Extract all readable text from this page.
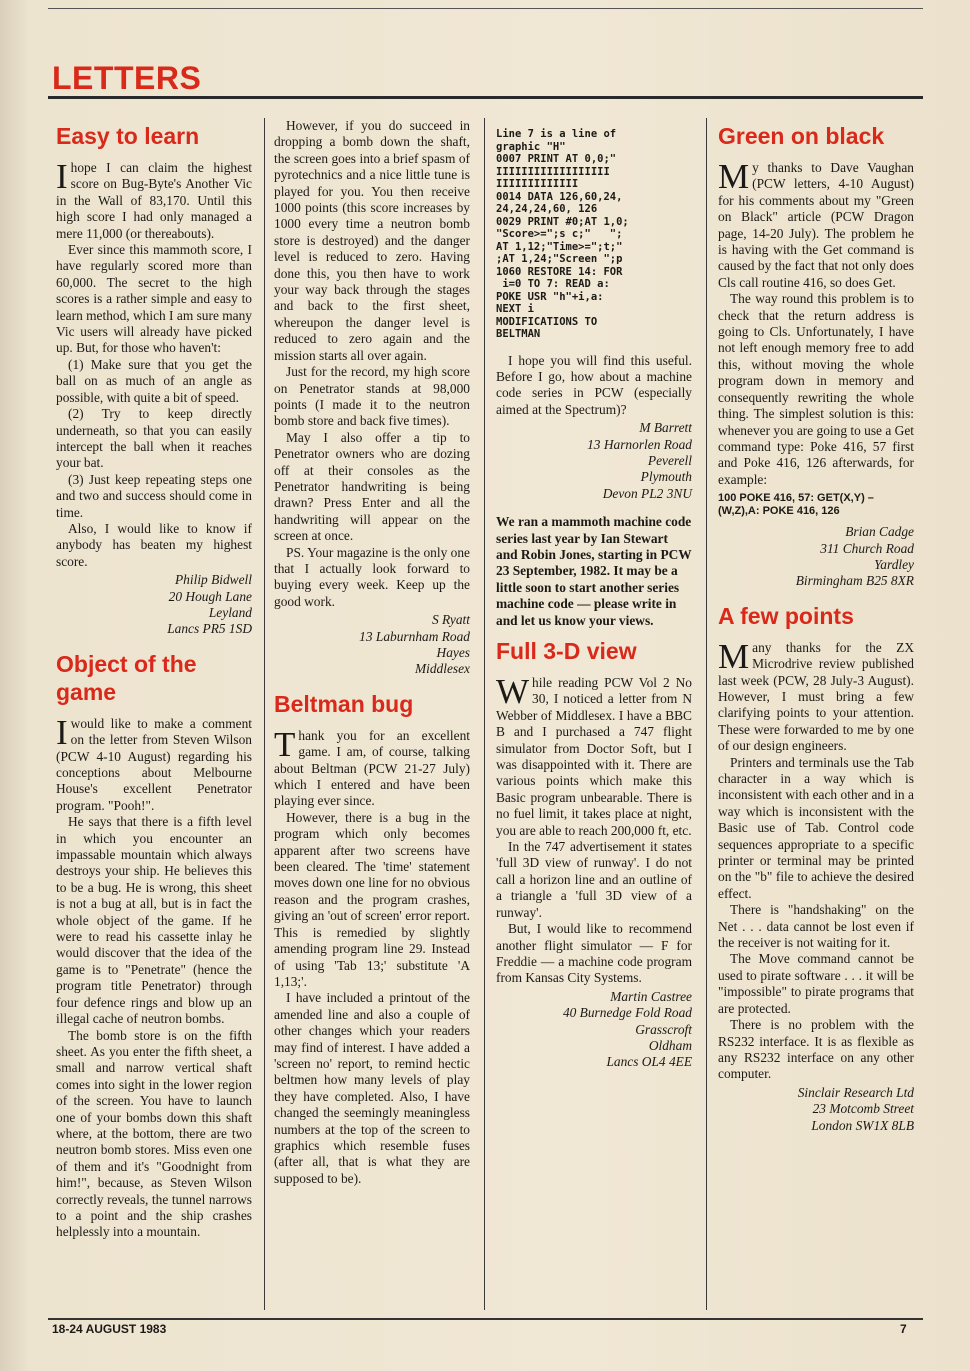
LETTERS
Easy to learn

I hope I can claim the highest score on Bug-Byte's Another Vic in the Wall of 83,170. Until this high score I had only managed a mere 11,000 (or thereabouts).

Ever since this mammoth score, I have regularly scored more than 60,000. The secret to the high scores is a rather simple and easy to learn method, which I am sure many Vic users will already have picked up. But, for those who haven't:

(1) Make sure that you get the ball on as much of an angle as possible, with quite a bit of speed.

(2) Try to keep directly underneath, so that you can easily intercept the ball when it reaches your bat.

(3) Just keep repeating steps one and two and success should come in time.

Also, I would like to know if anybody has beaten my highest score.

Philip Bidwell
20 Hough Lane
Leyland
Lancs PR5 1SD
Object of the game

I would like to make a comment on the letter from Steven Wilson (PCW 4-10 August) regarding his conceptions about Melbourne House's excellent Penetrator program. "Pooh!".

He says that there is a fifth level in which you encounter an impassable mountain which always destroys your ship. He believes this to be a bug. He is wrong, this sheet is not a bug at all, but is in fact the whole object of the game. If he were to read his cassette inlay he would discover that the idea of the game is to "Penetrate" (hence the program title Penetrator) through four defence rings and blow up an illegal cache of neutron bombs.

The bomb store is on the fifth sheet. As you enter the fifth sheet, a small and narrow vertical shaft comes into sight in the lower region of the screen. You have to launch one of your bombs down this shaft where, at the bottom, there are two neutron bomb stores. Miss even one of them and it's "Goodnight from him!", because, as Steven Wilson correctly reveals, the tunnel narrows to a point and the ship crashes helplessly into a mountain.

However, if you do succeed in dropping a bomb down the shaft, the screen goes into a brief spasm of pyrotechnics and a nice little tune is played for you. You then receive 1000 points (this score increases by 1000 every time a neutron bomb store is destroyed) and the danger level is reduced to zero. Having done this, you then have to work your way back through the stages and back to the first sheet, whereupon the danger level is reduced to zero again and the mission starts all over again.

Just for the record, my high score on Penetrator stands at 98,000 points (I made it to the neutron bomb store and back five times).

May I also offer a tip to Penetrator owners who are dozing off at their consoles as the Penetrator handwriting is being drawn? Press Enter and all the handwriting will appear on the screen at once.

PS. Your magazine is the only one that I actually look forward to buying every week. Keep up the good work.

S Ryatt
13 Laburnham Road
Hayes
Middlesex
Beltman bug

Thank you for an excellent game. I am, of course, talking about Beltman (PCW 21-27 July) which I entered and have been playing ever since.

However, there is a bug in the program which only becomes apparent after two screens have been cleared. The 'time' statement moves down one line for no obvious reason and the program crashes, giving an 'out of screen' error report. This is remedied by slightly amending program line 29. Instead of using 'Tab 13;' substitute 'A 1,13;'.

I have included a printout of the amended line and also a couple of other changes which your readers may find of interest. I have added a 'screen no' report, to remind hectic beltmen how many levels of play they have completed. Also, I have changed the seemingly meaningless numbers at the top of the screen to graphics which resemble fuses (after all, that is what they are supposed to be).

Line 7 is a line of
graphic "H"
0007 PRINT AT 0,0;"
IIIIIIIIIIIIIIIIII
IIIIIIIIIIIII
0014 DATA 126,60,24,
24,24,24,60, 126
0029 PRINT #0;AT 1,0;
"Score>=";s c;"   ";
AT 1,12;"Time>=";t;"
;AT 1,24;"Screen ";p
1060 RESTORE 14: FOR
i=0 TO 7: READ a:
POKE USR "h"+i,a:
NEXT i
MODIFICATIONS TO
BELTMAN

I hope you will find this useful. Before I go, how about a machine code series in PCW (especially aimed at the Spectrum)?

M Barrett
13 Harnorlen Road
Peverell
Plymouth
Devon PL2 3NU
We ran a mammoth machine code series last year by Ian Stewart and Robin Jones, starting in PCW 23 September, 1982. It may be a little soon to start another series machine code — please write in and let us know your views.
Full 3-D view

While reading PCW Vol 2 No 30, I noticed a letter from N Webber of Middlesex. I have a BBC B and I purchased a 747 flight simulator from Doctor Soft, but I was disappointed with it. There are various points which make this Basic program unbearable. There is no fuel limit, it takes place at night, you are able to reach 200,000 ft, etc.

In the 747 advertisement it states 'full 3D view of runway'. I do not call a horizon line and an outline of a triangle a 'full 3D view of a runway'.

But, I would like to recommend another flight simulator — F for Freddie — a machine code program from Kansas City Systems.

Martin Castree
40 Burnedge Fold Road
Grasscroft
Oldham
Lancs OL4 4EE
Green on black

My thanks to Dave Vaughan (PCW letters, 4-10 August) for his comments about my "Green on Black" article (PCW Dragon page, 14-20 July). The problem he is having with the Get command is caused by the fact that not only does Cls call routine 416, so does Get.

The way round this problem is to check that the return address is going to Cls. Unfortunately, I have not left enough memory free to add this, without moving the whole program down in memory and consequently rewriting the whole thing. The simplest solution is this: whenever you are going to use a Get command type: Poke 416, 57 first and Poke 416, 126 afterwards, for example:

100 POKE 416, 57: GET(X,Y) – (W,Z),A: POKE 416, 126
Brian Cadge
311 Church Road
Yardley
Birmingham B25 8XR
A few points

Many thanks for the ZX Microdrive review published last week (PCW, 28 July-3 August). However, I must bring a few clarifying points to your attention. These were forwarded to me by one of our design engineers.

Printers and terminals use the Tab character in a way which is inconsistent with each other and in a way which is inconsistent with the Basic use of Tab. Control code sequences appropriate to a specific printer or terminal may be printed on the "b" file to achieve the desired effect.

There is "handshaking" on the Net . . . data cannot be lost even if the receiver is not waiting for it.

The Move command cannot be used to pirate software . . . it will be "impossible" to pirate programs that are protected.

There is no problem with the RS232 interface. It is as flexible as any RS232 interface on any other computer.

Sinclair Research Ltd
23 Motcomb Street
London SW1X 8LB
18-24 AUGUST 1983	7
